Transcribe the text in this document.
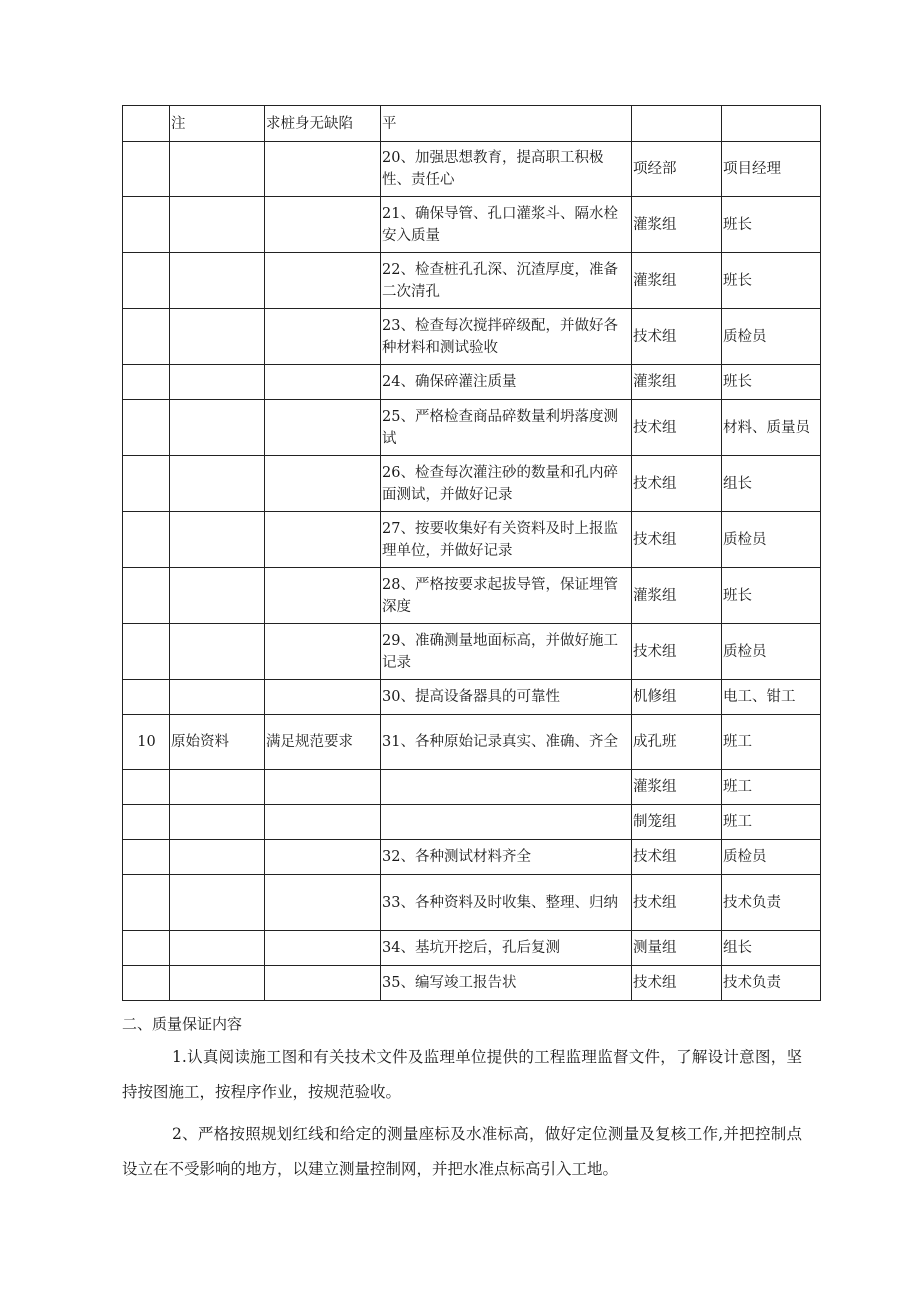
	注	求桩身无缺陷	平		
			20、加强思想教育，提高职工积极性、责任心	项经部	项目经理
			21、确保导管、孔口灌浆斗、隔水栓安入质量	灌浆组	班长
			22、检查桩孔孔深、沉渣厚度，准备二次清孔	灌浆组	班长
			23、检查每次搅拌碎级配，并做好各种材料和测试验收	技术组	质检员
			24、确保碎灌注质量	灌浆组	班长
			25、严格检查商品碎数量利坍落度测试	技术组	材料、质量员
			26、检查每次灌注砂的数量和孔内碎面测试，并做好记录	技术组	组长
			27、按要收集好有关资料及时上报监理单位，并做好记录	技术组	质检员
			28、严格按要求起拔导管，保证埋管深度	灌浆组	班长
			29、准确测量地面标高，并做好施工记录	技术组	质检员
			30、提高设备器具的可靠性	机修组	电工、钳工
10	原始资料	满足规范要求	31、各种原始记录真实、准确、齐全	成孔班	班工
				灌浆组	班工
				制笼组	班工
			32、各种测试材料齐全	技术组	质检员
			33、各种资料及时收集、整理、归纳	技术组	技术负责
			34、基坑开挖后，孔后复测	测量组	组长
			35、编写竣工报告状	技术组	技术负责
二、质量保证内容
1.认真阅读施工图和有关技术文件及监理单位提供的工程监理监督文件，了解设计意图，坚持按图施工，按程序作业，按规范验收。
2、严格按照规划红线和给定的测量座标及水准标高，做好定位测量及复核工作,并把控制点设立在不受影响的地方，以建立测量控制网，并把水准点标高引入工地。
